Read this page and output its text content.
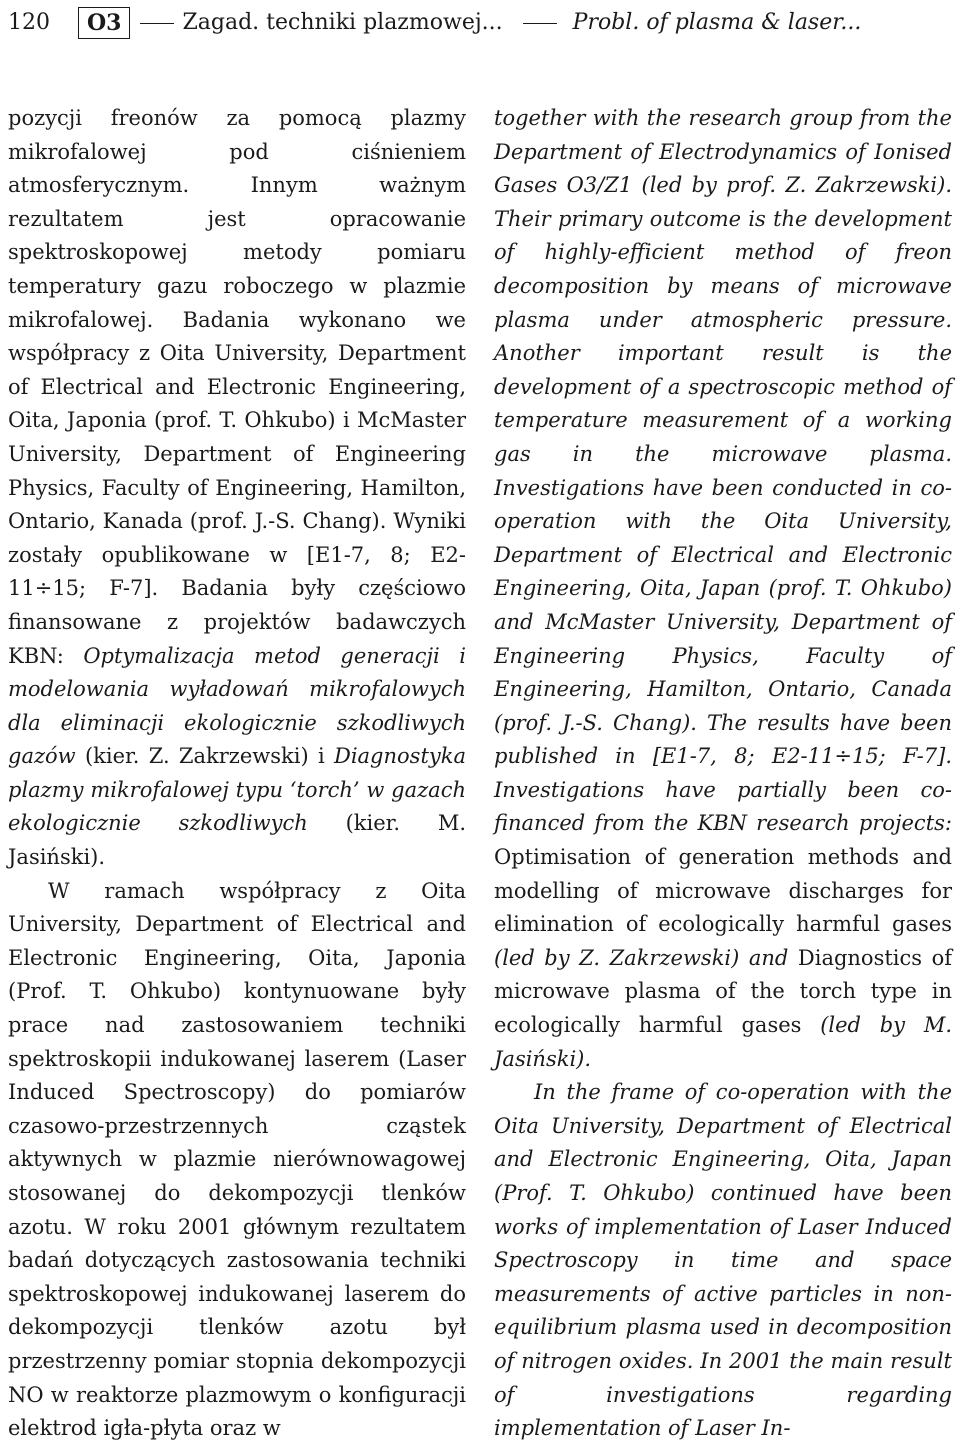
120 O3	Zagad. techniki plazmowej...	Probl. of plasma & laser...

pozycji freonów za pomocą plazmy mikrofalowej pod ciśnieniem atmosferycznym. Innym ważnym rezultatem jest opracowanie spektroskopowej metody pomiaru temperatury gazu roboczego w plazmie mikrofalowej. Badania wykonano we współpracy z Oita University, Department of Electrical and Electronic Engineering, Oita, Japonia (prof. T. Ohkubo) i McMaster University, Department of Engineering Physics, Faculty of Engineering, Hamilton, Ontario, Kanada (prof. J.-S. Chang). Wyniki zostały opublikowane w [E1-7, 8; E2-11÷15; F-7]. Badania były częściowo finansowane z projektów badawczych KBN: Optymalizacja metod generacji i modelowania wyładowań mikrofalowych dla eliminacji ekologicznie szkodliwych gazów (kier. Z. Zakrzewski) i Diagnostyka plazmy mikrofalowej typu ‘torch’ w gazach ekologicznie szkodliwych (kier. M. Jasiński).

W ramach współpracy z Oita University, Department of Electrical and Electronic Engineering, Oita, Japonia (Prof. T. Ohkubo) kontynuowane były prace nad zastosowaniem techniki spektroskopii indukowanej laserem (Laser Induced Spectroscopy) do pomiarów czasowo-przestrzennych cząstek aktywnych w plazmie nierównowagowej stosowanej do dekompozycji tlenków azotu. W roku 2001 głównym rezultatem badań dotyczących zastosowania techniki spektroskopowej indukowanej laserem do dekompozycji tlenków azotu był przestrzenny pomiar stopnia dekompozycji NO w reaktorze plazmowym o konfiguracji elektrod igła-płyta oraz w

together with the research group from the Department of Electrodynamics of Ionised Gases O3/Z1 (led by prof. Z. Zakrzewski). Their primary outcome is the development of highly-efficient method of freon decomposition by means of microwave plasma under atmospheric pressure. Another important result is the development of a spectroscopic method of temperature measurement of a working gas in the microwave plasma. Investigations have been conducted in co-operation with the Oita University, Department of Electrical and Electronic Engineering, Oita, Japan (prof. T. Ohkubo) and McMaster University, Department of Engineering Physics, Faculty of Engineering, Hamilton, Ontario, Canada (prof. J.-S. Chang). The results have been published in [E1-7, 8; E2-11÷15; F-7]. Investigations have partially been co-financed from the KBN research projects: Optimisation of generation methods and modelling of microwave discharges for elimination of ecologically harmful gases (led by Z. Zakrzewski) and Diagnostics of microwave plasma of the torch type in ecologically harmful gases (led by M. Jasiński).

In the frame of co-operation with the Oita University, Department of Electrical and Electronic Engineering, Oita, Japan (Prof. T. Ohkubo) continued have been works of implementation of Laser Induced Spectroscopy in time and space measurements of active particles in non-equilibrium plasma used in decomposition of nitrogen oxides. In 2001 the main result of investigations regarding implementation of Laser In-
